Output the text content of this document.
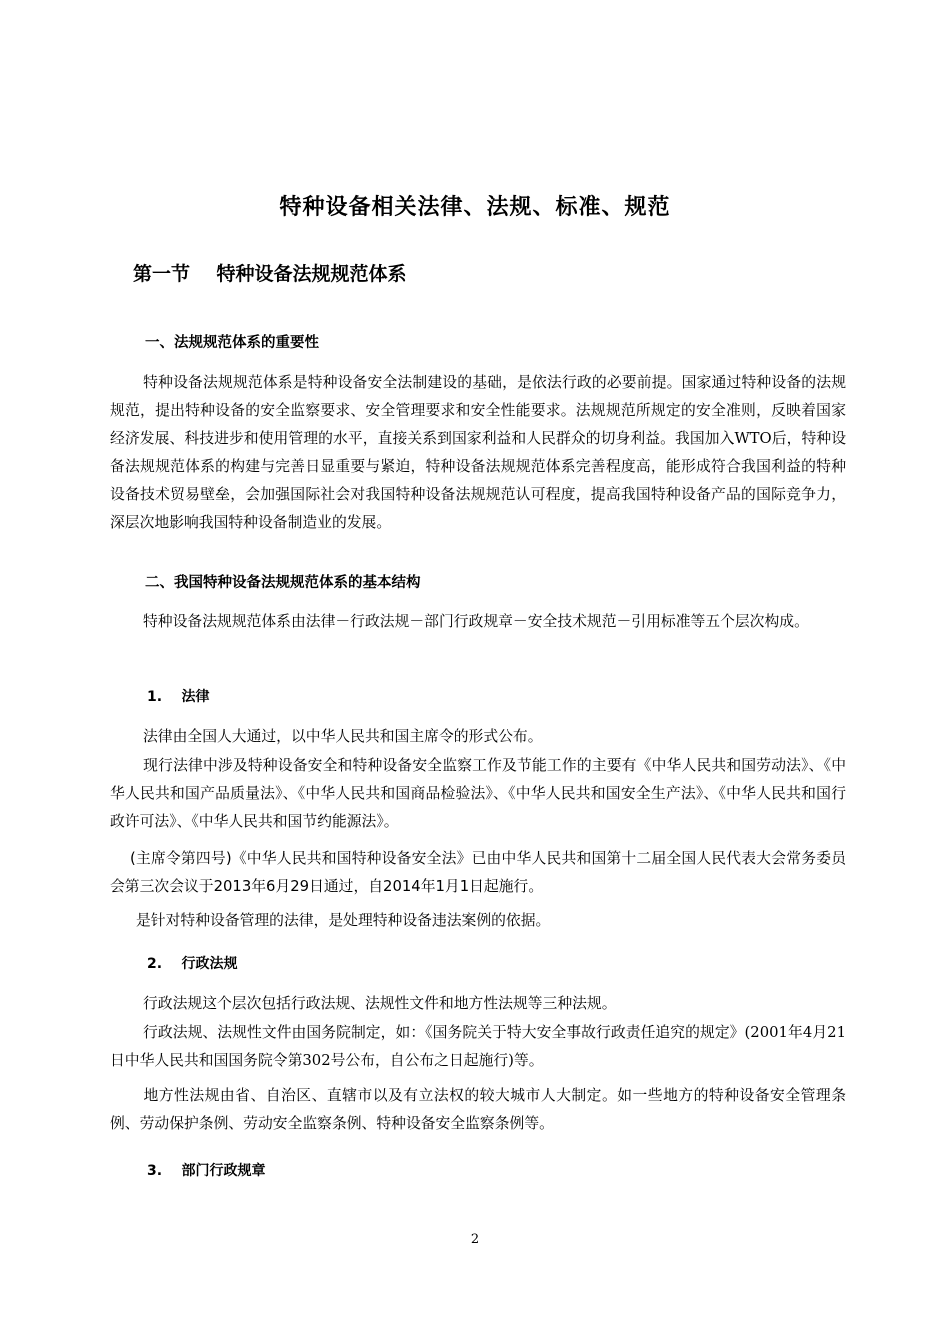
特种设备相关法律、法规、标准、规范
第一节    特种设备法规规范体系
一、法规规范体系的重要性
特种设备法规规范体系是特种设备安全法制建设的基础，是依法行政的必要前提。国家通过特种设备的法规规范，提出特种设备的安全监察要求、安全管理要求和安全性能要求。法规规范所规定的安全准则，反映着国家经济发展、科技进步和使用管理的水平，直接关系到国家利益和人民群众的切身利益。我国加入WTO后，特种设备法规规范体系的构建与完善日显重要与紧迫，特种设备法规规范体系完善程度高，能形成符合我国利益的特种设备技术贸易壁垒，会加强国际社会对我国特种设备法规规范认可程度，提高我国特种设备产品的国际竞争力，深层次地影响我国特种设备制造业的发展。
二、我国特种设备法规规范体系的基本结构
特种设备法规规范体系由法律－行政法规－部门行政规章－安全技术规范－引用标准等五个层次构成。
1.    法律
法律由全国人大通过，以中华人民共和国主席令的形式公布。
现行法律中涉及特种设备安全和特种设备安全监察工作及节能工作的主要有《中华人民共和国劳动法》、《中华人民共和国产品质量法》、《中华人民共和国商品检验法》、《中华人民共和国安全生产法》、《中华人民共和国行政许可法》、《中华人民共和国节约能源法》。
(主席令第四号)《中华人民共和国特种设备安全法》已由中华人民共和国第十二届全国人民代表大会常务委员会第三次会议于2013年6月29日通过，自2014年1月1日起施行。
是针对特种设备管理的法律，是处理特种设备违法案例的依据。
2.    行政法规
行政法规这个层次包括行政法规、法规性文件和地方性法规等三种法规。
行政法规、法规性文件由国务院制定，如：《国务院关于特大安全事故行政责任追究的规定》(2001年4月21日中华人民共和国国务院令第302号公布，自公布之日起施行)等。
地方性法规由省、自治区、直辖市以及有立法权的较大城市人大制定。如一些地方的特种设备安全管理条例、劳动保护条例、劳动安全监察条例、特种设备安全监察条例等。
3.    部门行政规章
2
